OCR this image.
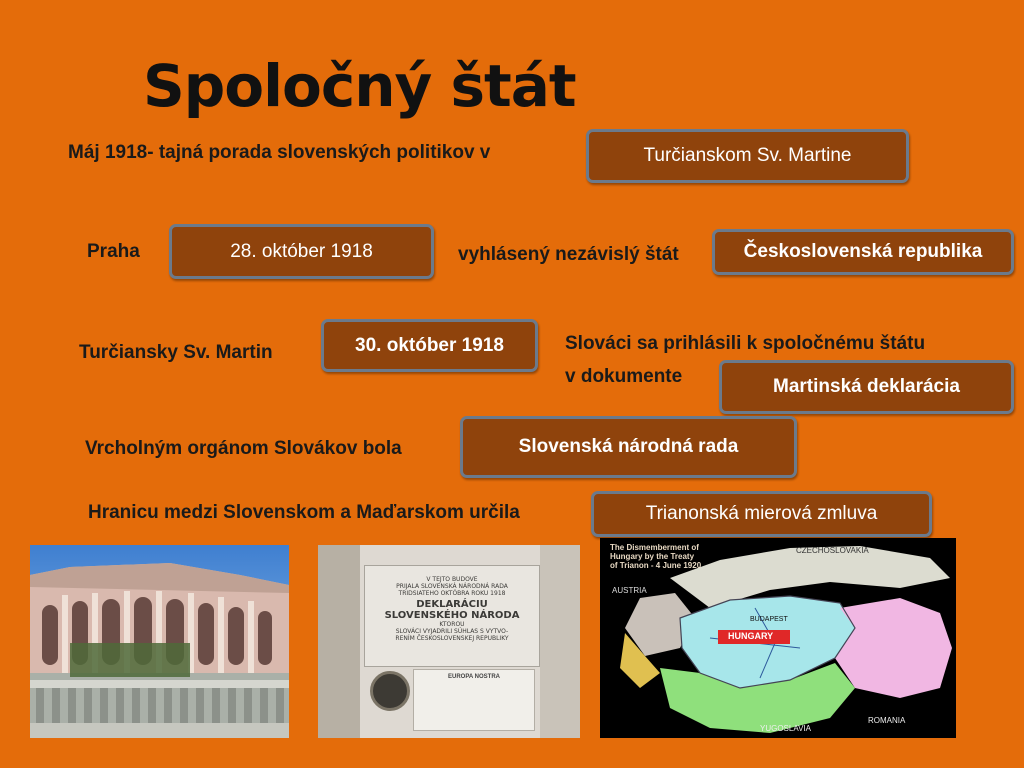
Spoločný štát
Máj 1918- tajná porada slovenských politikov v	Turčianskom Sv. Martine
Praha	28. október 1918	vyhlásený nezávislý štát	Československá republika
Turčiansky Sv. Martin	30. október 1918	Slováci sa prihlásili k spoločnému štátu
v dokumente	Martinská deklarácia
Vrcholným orgánom Slovákov bola	Slovenská národná rada
Hranicu medzi Slovenskom a Maďarskom určila	Trianonská mierová zmluva
V TEJTO BUDOVE
PRIJALA SLOVENSKÁ NÁRODNÁ RADA
TRIDSIATEHO OKTÓBRA ROKU 1918
DEKLARÁCIU
SLOVENSKÉHO NÁRODA
KTOROU
SLOVÁCI VYJADRILI SÚHLAS S VYTVO-
RENÍM ČESKOSLOVENSKEJ REPUBLIKY
EUROPA NOSTRA
The Dismemberment of
Hungary by the Treaty
of Trianon - 4 June 1920
CZECHOSLOVAKIA
AUSTRIA
BUDAPEST
HUNGARY
ROMANIA
YUGOSLAVIA
